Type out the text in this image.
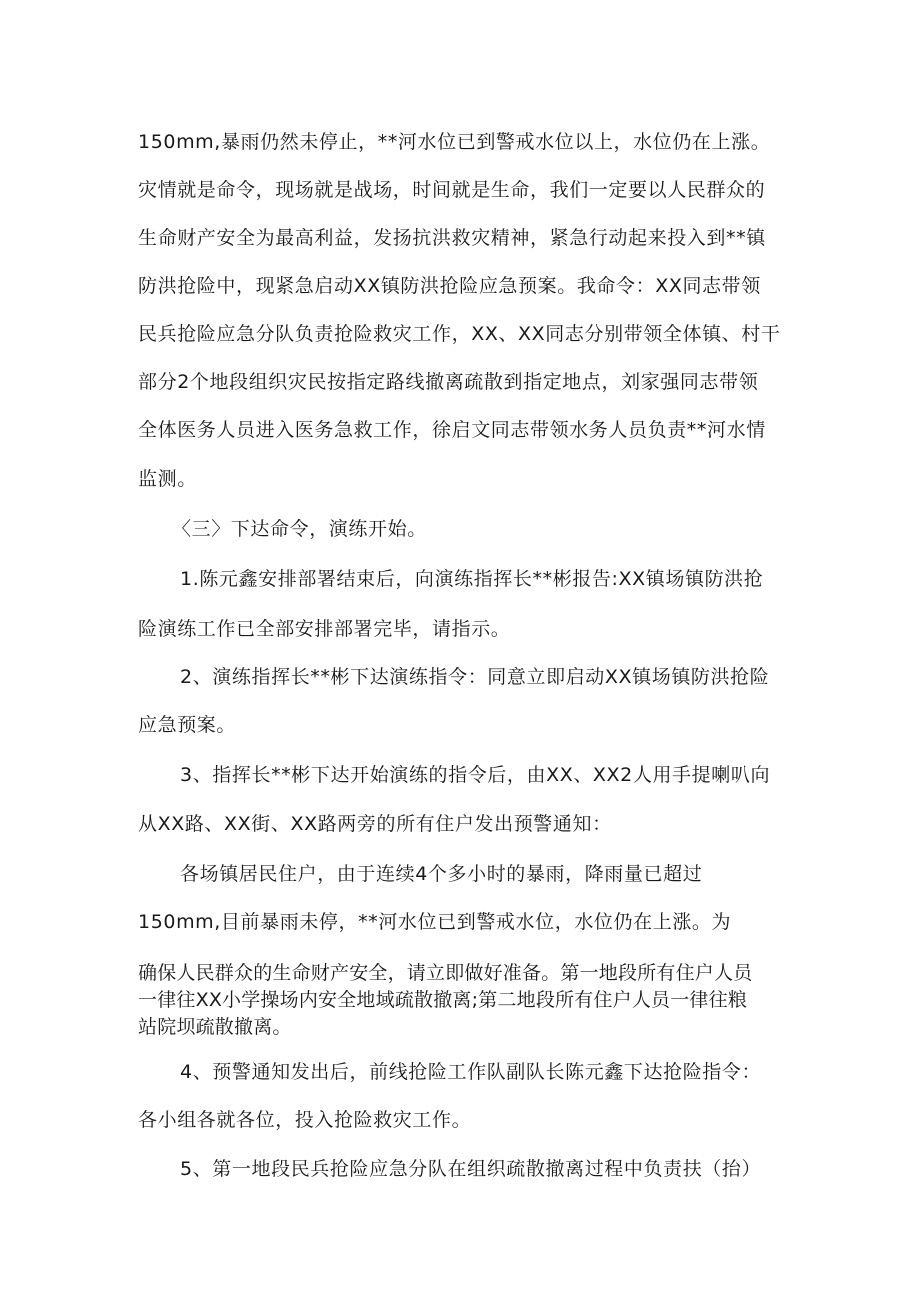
150mm,暴雨仍然未停止，**河水位已到警戒水位以上，水位仍在上涨。
灾情就是命令，现场就是战场，时间就是生命，我们一定要以人民群众的
生命财产安全为最高利益，发扬抗洪救灾精神，紧急行动起来投入到**镇
防洪抢险中，现紧急启动XX镇防洪抢险应急预案。我命令：XX同志带领
民兵抢险应急分队负责抢险救灾工作，XX、XX同志分别带领全体镇、村干
部分2个地段组织灾民按指定路线撤离疏散到指定地点，刘家强同志带领
全体医务人员进入医务急救工作，徐启文同志带领水务人员负责**河水情
监测。
〈三〉下达命令，演练开始。
1.陈元鑫安排部署结束后，向演练指挥长**彬报告:XX镇场镇防洪抢
险演练工作已全部安排部署完毕，请指示。
2、演练指挥长**彬下达演练指令：同意立即启动XX镇场镇防洪抢险
应急预案。
3、指挥长**彬下达开始演练的指令后，由XX、XX2人用手提喇叭向
从XX路、XX街、XX路两旁的所有住户发出预警通知：
各场镇居民住户，由于连续4个多小时的暴雨，降雨量已超过
150mm,目前暴雨未停，**河水位已到警戒水位，水位仍在上涨。为
确保人民群众的生命财产安全，请立即做好准备。第一地段所有住户人员
一律往XX小学操场内安全地域疏散撤离;第二地段所有住户人员一律往粮
站院坝疏散撤离。
4、预警通知发出后，前线抢险工作队副队长陈元鑫下达抢险指令：
各小组各就各位，投入抢险救灾工作。
5、第一地段民兵抢险应急分队在组织疏散撤离过程中负责扶（抬）
